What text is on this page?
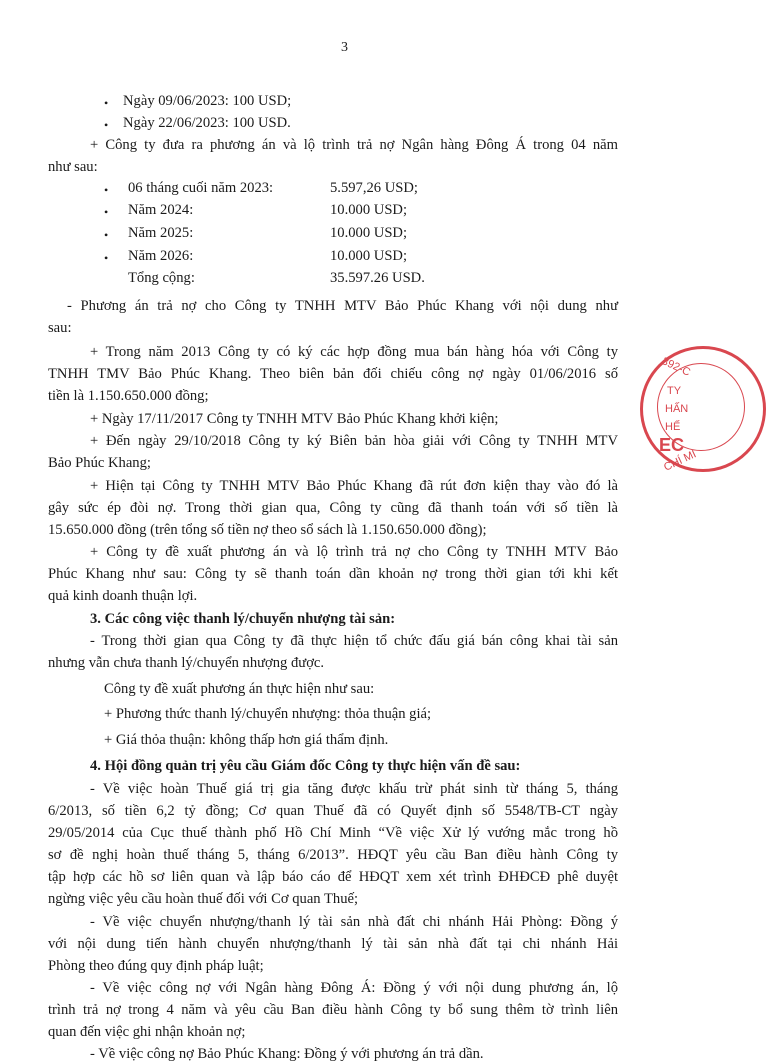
3
• Ngày 09/06/2023: 100 USD;
• Ngày 22/06/2023: 100 USD.
+ Công ty đưa ra phương án và lộ trình trả nợ Ngân hàng Đông Á trong 04 năm
như sau:
• 06 tháng cuối năm 2023:	5.597,26 USD;
• Năm 2024:	10.000 USD;
• Năm 2025:	10.000 USD;
• Năm 2026:	10.000 USD;
Tổng cộng:	35.597.26 USD.
- Phương án trả nợ cho Công ty TNHH MTV Bảo Phúc Khang với nội dung như
sau:
+ Trong năm 2013 Công ty có ký các hợp đồng mua bán hàng hóa với Công ty
TNHH TMV Bảo Phúc Khang. Theo biên bản đối chiếu công nợ ngày 01/06/2016 số
tiền là 1.150.650.000 đồng;
+ Ngày 17/11/2017 Công ty TNHH MTV Bảo Phúc Khang khởi kiện;
+ Đến ngày 29/10/2018 Công ty ký Biên bản hòa giải với Công ty TNHH MTV
Bảo Phúc Khang;
+ Hiện tại Công ty TNHH MTV Bảo Phúc Khang đã rút đơn kiện thay vào đó là
gây sức ép đòi nợ. Trong thời gian qua, Công ty cũng đã thanh toán với số tiền là
15.650.000 đồng (trên tổng số tiền nợ theo sổ sách là 1.150.650.000 đồng);
+ Công ty đề xuất phương án và lộ trình trả nợ cho Công ty TNHH MTV Bảo
Phúc Khang như sau: Công ty sẽ thanh toán dần khoản nợ trong thời gian tới khi kết
quả kinh doanh thuận lợi.
3. Các công việc thanh lý/chuyển nhượng tài sản:
- Trong thời gian qua Công ty đã thực hiện tổ chức đấu giá bán công khai tài sản
nhưng vẫn chưa thanh lý/chuyển nhượng được.
Công ty đề xuất phương án thực hiện như sau:
+ Phương thức thanh lý/chuyển nhượng: thỏa thuận giá;
+ Giá thỏa thuận: không thấp hơn giá thẩm định.
4. Hội đồng quản trị yêu cầu Giám đốc Công ty thực hiện vấn đề sau:
- Về việc hoàn Thuế giá trị gia tăng được khấu trừ phát sinh từ tháng 5, tháng
6/2013, số tiền 6,2 tỷ đồng; Cơ quan Thuế đã có Quyết định số 5548/TB-CT ngày
29/05/2014 của Cục thuế thành phố Hồ Chí Minh “Về việc Xử lý vướng mắc trong hồ
sơ đề nghị hoàn thuế tháng 5, tháng 6/2013”. HĐQT yêu cầu Ban điều hành Công ty
tập hợp các hồ sơ liên quan và lập báo cáo để HĐQT xem xét trình ĐHĐCĐ phê duyệt
ngừng việc yêu cầu hoàn thuế đối với Cơ quan Thuế;
- Về việc chuyển nhượng/thanh lý tài sản nhà đất chi nhánh Hải Phòng: Đồng ý
với nội dung tiến hành chuyển nhượng/thanh lý tài sản nhà đất tại chi nhánh Hải
Phòng theo đúng quy định pháp luật;
- Về việc công nợ với Ngân hàng Đông Á: Đồng ý với nội dung phương án, lộ
trình trả nợ trong 4 năm và yêu cầu Ban điều hành Công ty bổ sung thêm tờ trình liên
quan đến việc ghi nhận khoản nợ;
- Về việc công nợ Bảo Phúc Khang: Đồng ý với phương án trả dần.
392-C
TY
HẤN
HẾ
EC
CHÍ MI
